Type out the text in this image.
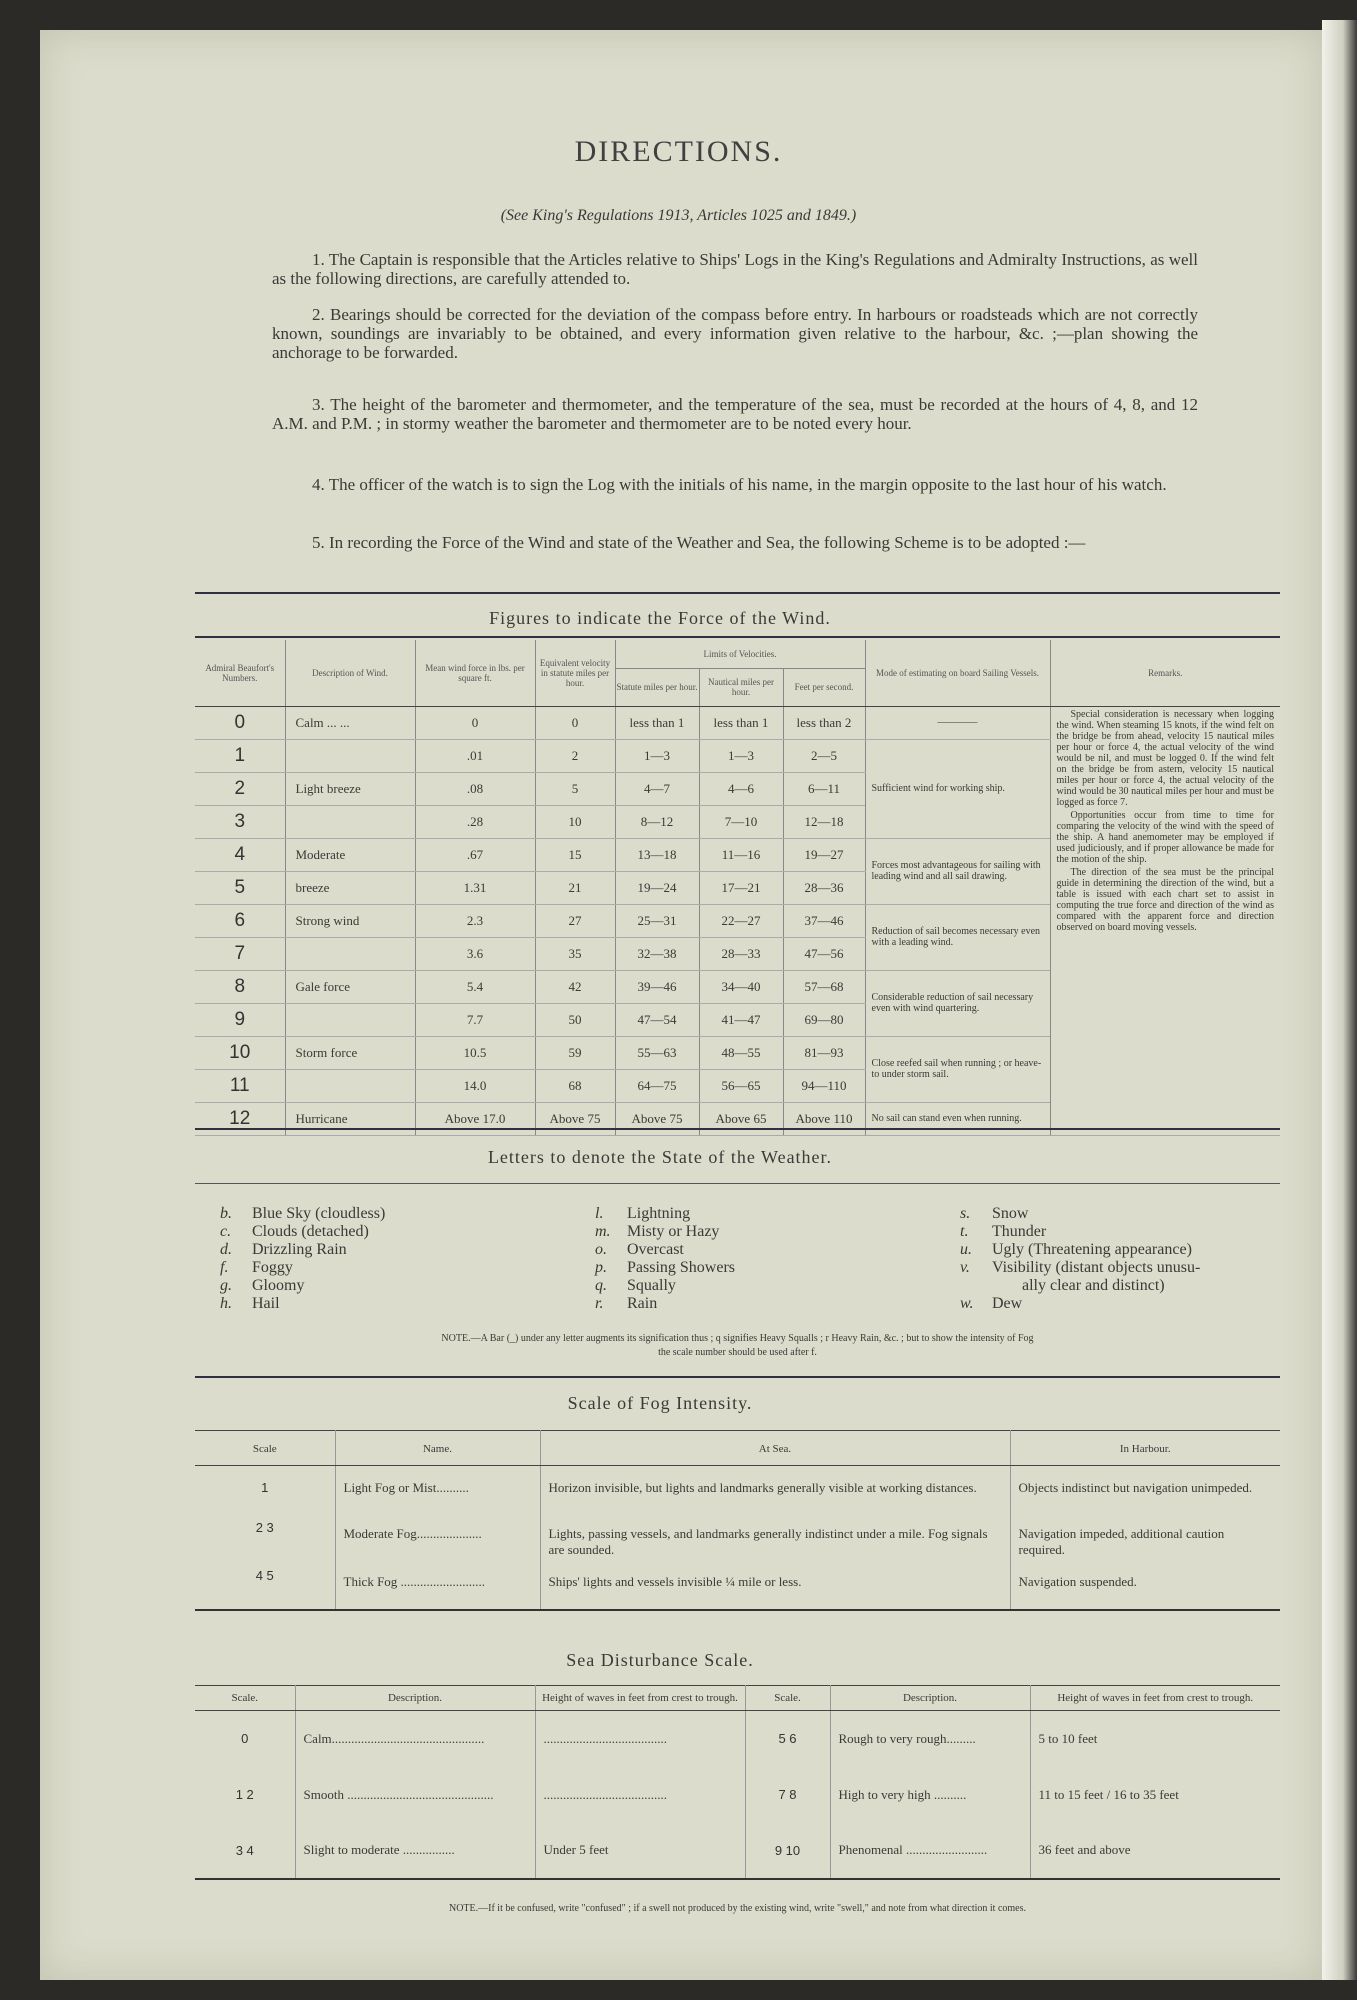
DIRECTIONS.
(See King's Regulations 1913, Articles 1025 and 1849.)
1. The Captain is responsible that the Articles relative to Ships' Logs in the King's Regulations and Admiralty Instructions, as well as the following directions, are carefully attended to.
2. Bearings should be corrected for the deviation of the compass before entry. In harbours or roadsteads which are not correctly known, soundings are invariably to be obtained, and every information given relative to the harbour, &c. ;—plan showing the anchorage to be forwarded.
3. The height of the barometer and thermometer, and the temperature of the sea, must be recorded at the hours of 4, 8, and 12 A.M. and P.M. ; in stormy weather the barometer and thermometer are to be noted every hour.
4. The officer of the watch is to sign the Log with the initials of his name, in the margin opposite to the last hour of his watch.
5. In recording the Force of the Wind and state of the Weather and Sea, the following Scheme is to be adopted :—
Figures to indicate the Force of the Wind.
Admiral Beaufort's Numbers.	Description of Wind.	Mean wind force in lbs. per square ft.	Equivalent velocity in statute miles per hour.	Limits of Velocities.			Mode of estimating on board Sailing Vessels.	Remarks.
				Statute miles per hour.	Nautical miles per hour.	Feet per second.		
0	Calm ... ...	0	0	less than 1	less than 1	less than 2	————	Special consideration is necessary when logging the wind. When steaming 15 knots, if the wind felt on the bridge be from ahead, velocity 15 nautical miles per hour or force 4, the actual velocity of the wind would be nil, and must be logged 0. If the wind felt on the bridge be from astern, velocity 15 nautical miles per hour or force 4, the actual velocity of the wind would be 30 nautical miles per hour and must be logged as force 7.
Opportunities occur from time to time for comparing the velocity of the wind with the speed of the ship. A hand anemometer may be employed if used judiciously, and if proper allowance be made for the motion of the ship.
The direction of the sea must be the principal guide in determining the direction of the wind, but a table is issued with each chart set to assist in computing the true force and direction of the wind as compared with the apparent force and direction observed on board moving vessels.

1		.01	2	1—3	1—3	2—5	Sufficient wind for working ship.	
2	Light breeze	.08	5	4—7	4—6	6—11		
3		.28	10	8—12	7—10	12—18		
4	Moderate	.67	15	13—18	11—16	19—27	Forces most advantageous for sailing with leading wind and all sail drawing.	
5	breeze	1.31	21	19—24	17—21	28—36		
6	Strong wind	2.3	27	25—31	22—27	37—46	Reduction of sail becomes necessary even with a leading wind.	
7		3.6	35	32—38	28—33	47—56		
8	Gale force	5.4	42	39—46	34—40	57—68	Considerable reduction of sail necessary even with wind quartering.	
9		7.7	50	47—54	41—47	69—80		
10	Storm force	10.5	59	55—63	48—55	81—93	Close reefed sail when running ; or heave-to under storm sail.	
11		14.0	68	64—75	56—65	94—110		
12	Hurricane	Above 17.0	Above 75	Above 75	Above 65	Above 110	No sail can stand even when running.	
Letters to denote the State of the Weather.
b. Blue Sky (cloudless)
c. Clouds (detached)
d. Drizzling Rain
f. Foggy
g. Gloomy
h. Hail
l. Lightning
m. Misty or Hazy
o. Overcast
p. Passing Showers
q. Squally
r. Rain
s. Snow
t. Thunder
u. Ugly (Threatening appearance)
v. Visibility (distant objects unusu-
ally clear and distinct)
w. Dew
NOTE.—A Bar (_) under any letter augments its signification thus ; q signifies Heavy Squalls ; r Heavy Rain, &c. ; but to show the intensity of Fog
the scale number should be used after f.
Scale of Fog Intensity.
Scale	Name.	At Sea.	In Harbour.
1	Light Fog or Mist..........	Horizon invisible, but lights and landmarks generally visible at working distances.	Objects indistinct but navigation unimpeded.
2 3	Moderate Fog....................	Lights, passing vessels, and landmarks generally indistinct under a mile. Fog signals are sounded.	Navigation impeded, additional caution required.
4 5	Thick Fog ..........................	Ships' lights and vessels invisible ¼ mile or less.	Navigation suspended.
Sea Disturbance Scale.
Scale.	Description.	Height of waves in feet from crest to trough.	Scale.	Description.	Height of waves in feet from crest to trough.
0	Calm...............................................	......................................	5 6	Rough to very rough.........	5 to 10 feet
1 2	Smooth .............................................	......................................	7 8	High to very high ..........	11 to 15 feet / 16 to 35 feet
3 4	Slight to moderate ................	Under 5 feet	9 10	Phenomenal .........................	36 feet and above
NOTE.—If it be confused, write "confused" ; if a swell not produced by the existing wind, write "swell," and note from what direction it comes.
